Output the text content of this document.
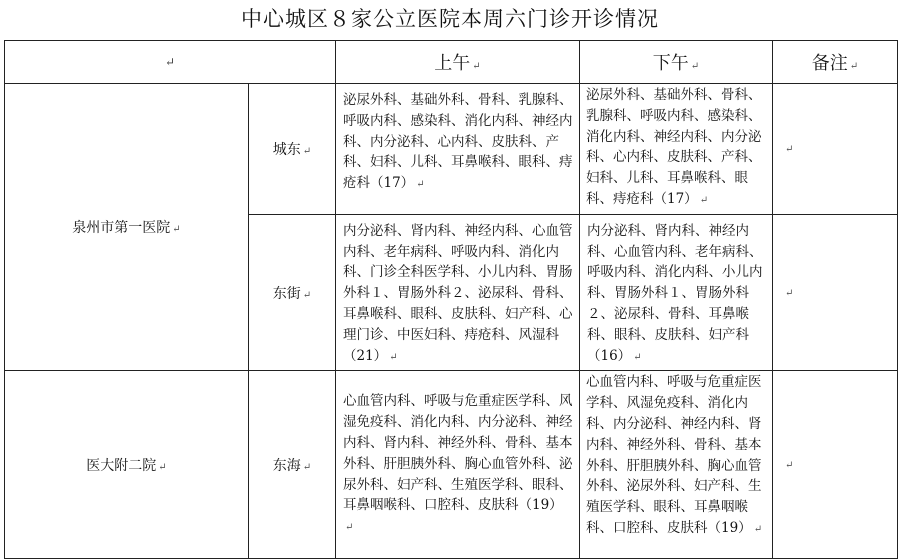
中心城区８家公立医院本周六门诊开诊情况
↵		上午 ↵	下午 ↵	备注 ↵
泉州市第一医院 ↵	城东 ↵	泌尿外科、基础外科、骨科、乳腺科、呼吸内科、感染科、消化内科、神经内科、内分泌科、心内科、皮肤科、产科、妇科、儿科、耳鼻喉科、眼科、痔疮科（17） ↵	泌尿外科、基础外科、骨科、乳腺科、呼吸内科、感染科、消化内科、神经内科、内分泌科、心内科、皮肤科、产科、妇科、儿科、耳鼻喉科、眼科、痔疮科（17） ↵	↵
	东街 ↵	内分泌科、肾内科、神经内科、心血管内科、老年病科、呼吸内科、消化内科、门诊全科医学科、小儿内科、胃肠外科１、胃肠外科２、泌尿科、骨科、耳鼻喉科、眼科、皮肤科、妇产科、心理门诊、中医妇科、痔疮科、风湿科（21） ↵	内分泌科、肾内科、神经内科、心血管内科、老年病科、呼吸内科、消化内科、小儿内科、胃肠外科１、胃肠外科２、泌尿科、骨科、耳鼻喉科、眼科、皮肤科、妇产科（16） ↵	↵
医大附二院 ↵	东海 ↵	心血管内科、呼吸与危重症医学科、风湿免疫科、消化内科、内分泌科、神经内科、肾内科、神经外科、骨科、基本外科、肝胆胰外科、胸心血管外科、泌尿外科、妇产科、生殖医学科、眼科、耳鼻咽喉科、口腔科、皮肤科（19）↵	心血管内科、呼吸与危重症医学科、风湿免疫科、消化内科、内分泌科、神经内科、肾内科、神经外科、骨科、基本外科、肝胆胰外科、胸心血管外科、泌尿外科、妇产科、生殖医学科、眼科、耳鼻咽喉科、口腔科、皮肤科（19） ↵	↵
